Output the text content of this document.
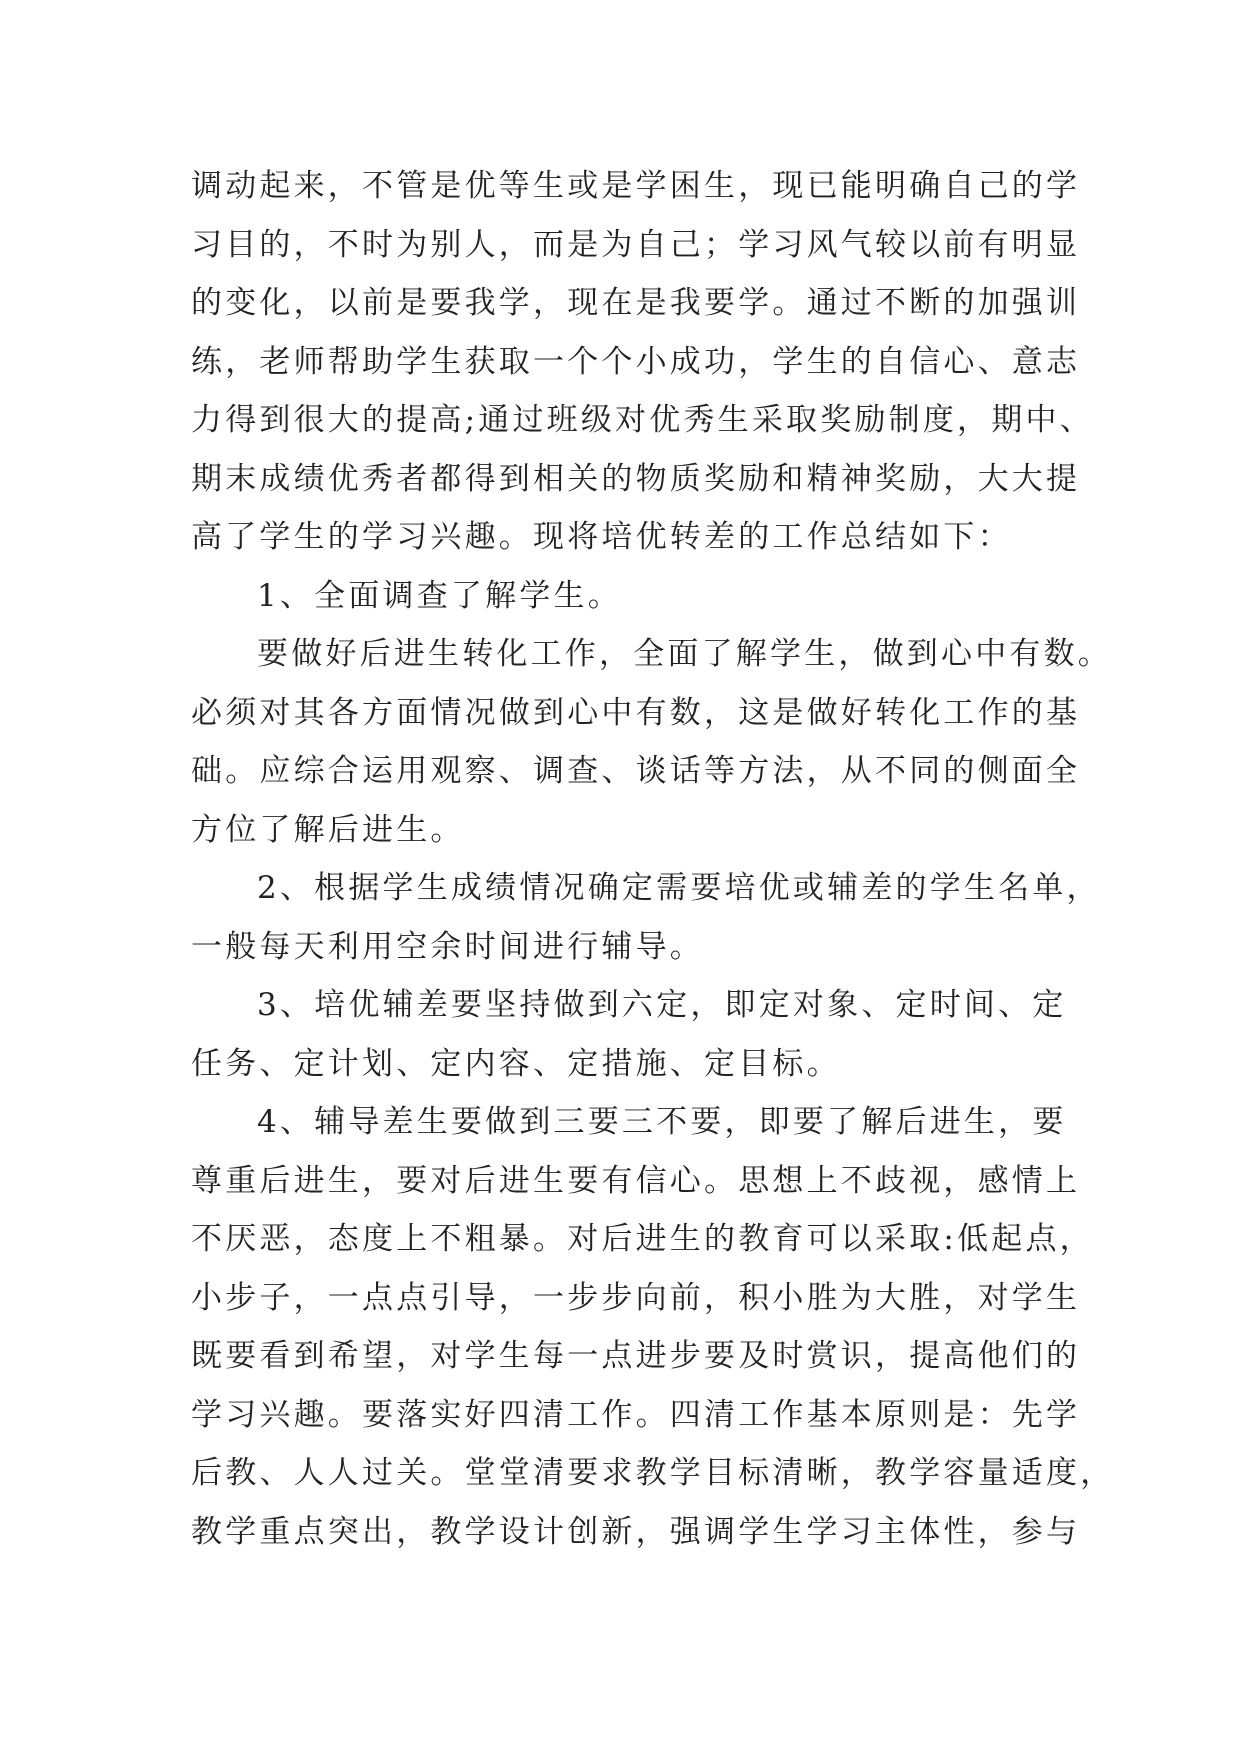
调动起来，不管是优等生或是学困生，现已能明确自己的学

习目的，不时为别人，而是为自己；学习风气较以前有明显

的变化，以前是要我学，现在是我要学。通过不断的加强训

练，老师帮助学生获取一个个小成功，学生的自信心、意志

力得到很大的提高;通过班级对优秀生采取奖励制度，期中、

期末成绩优秀者都得到相关的物质奖励和精神奖励，大大提

高了学生的学习兴趣。现将培优转差的工作总结如下：

1、全面调查了解学生。

要做好后进生转化工作，全面了解学生，做到心中有数。

必须对其各方面情况做到心中有数，这是做好转化工作的基

础。应综合运用观察、调查、谈话等方法，从不同的侧面全

方位了解后进生。

2、根据学生成绩情况确定需要培优或辅差的学生名单，

一般每天利用空余时间进行辅导。

3、培优辅差要坚持做到六定，即定对象、定时间、定

任务、定计划、定内容、定措施、定目标。

4、辅导差生要做到三要三不要，即要了解后进生，要

尊重后进生，要对后进生要有信心。思想上不歧视，感情上

不厌恶，态度上不粗暴。对后进生的教育可以采取:低起点，

小步子，一点点引导，一步步向前，积小胜为大胜，对学生

既要看到希望，对学生每一点进步要及时赏识，提高他们的

学习兴趣。要落实好四清工作。四清工作基本原则是：先学

后教、人人过关。堂堂清要求教学目标清晰，教学容量适度，

教学重点突出，教学设计创新，强调学生学习主体性，参与
